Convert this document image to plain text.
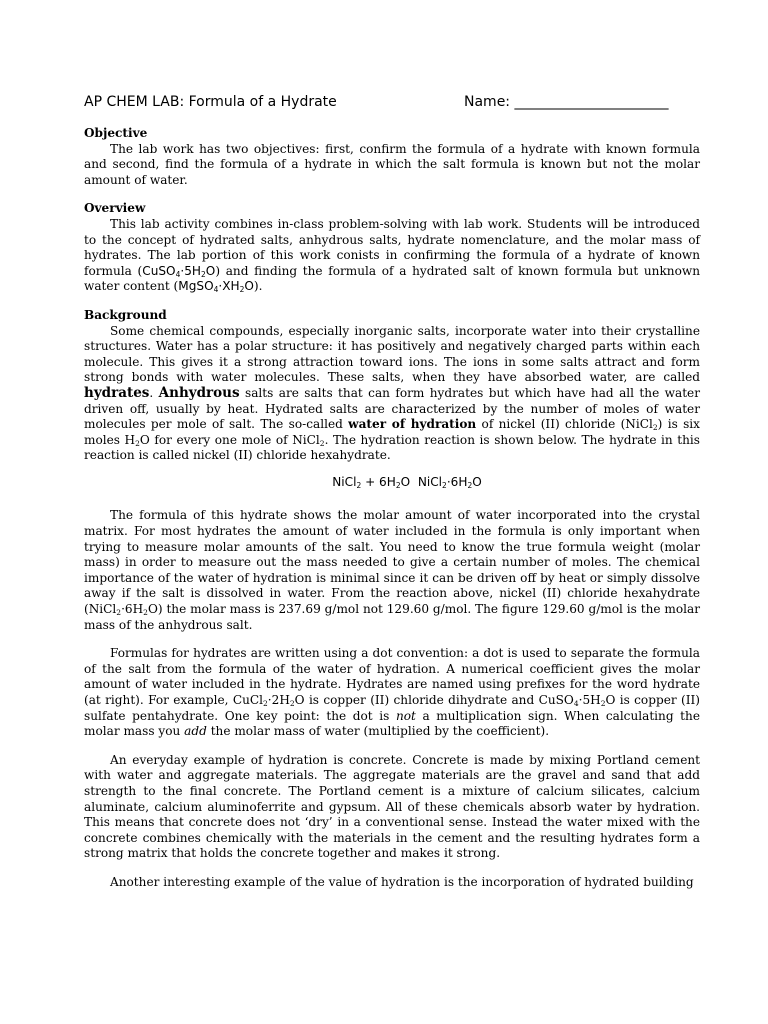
AP CHEM LAB: Formula of a Hydrate	Name: ______________________

Objective

The lab work has two objectives: first, confirm the formula of a hydrate with known formula and second, find the formula of a hydrate in which the salt formula is known but not the molar amount of water.

Overview

This lab activity combines in-class problem-solving with lab work. Students will be introduced to the concept of hydrated salts, anhydrous salts, hydrate nomenclature, and the molar mass of hydrates. The lab portion of this work conists in confirming the formula of a hydrate of known formula $(CuSO_4\cdot 5H_2O)$ and finding the formula of a hydrated salt of known formula but unknown water content $(MgSO_4\cdot XH_2O)$.

Background

Some chemical compounds, especially inorganic salts, incorporate water into their crystalline structures. Water has a polar structure: it has positively and negatively charged parts within each molecule. This gives it a strong attraction toward ions. The ions in some salts attract and form strong bonds with water molecules. These salts, when they have absorbed water, are called hydrates. Anhydrous salts are salts that can form hydrates but which have had all the water driven off, usually by heat. Hydrated salts are characterized by the number of moles of water molecules per mole of salt. The so-called water of hydration of nickel (II) chloride (NiCl$_2$) is six moles $H_2O$ for every one mole of NiCl$_2$. The hydration reaction is shown below. The hydrate in this reaction is called nickel (II) chloride hexahydrate.

NiCl$_2$ + $6H_2O$  $NiCl_2\cdot 6H_2O$

The formula of this hydrate shows the molar amount of water incorporated into the crystal matrix. For most hydrates the amount of water included in the formula is only important when trying to measure molar amounts of the salt. You need to know the true formula weight (molar mass) in order to measure out the mass needed to give a certain number of moles. The chemical importance of the water of hydration is minimal since it can be driven off by heat or simply dissolve away if the salt is dissolved in water. From the reaction above, nickel (II) chloride hexahydrate $(NiCl_2\cdot 6H_2O)$ the molar mass is 237.69 g/mol not 129.60 g/mol. The figure 129.60 g/mol is the molar mass of the anhydrous salt.

Formulas for hydrates are written using a dot convention: a dot is used to separate the formula of the salt from the formula of the water of hydration. A numerical coefficient gives the molar amount of water included in the hydrate. Hydrates are named using prefixes for the word hydrate (at right). For example, $CuCl_2\cdot 2H_2O$ is copper (II) chloride dihydrate and $CuSO_4\cdot 5H_2O$ is copper (II) sulfate pentahydrate. One key point: the dot is not a multiplication sign. When calculating the molar mass you add the molar mass of water (multiplied by the coefficient).

An everyday example of hydration is concrete. Concrete is made by mixing Portland cement with water and aggregate materials. The aggregate materials are the gravel and sand that add strength to the final concrete. The Portland cement is a mixture of calcium silicates, calcium aluminate, calcium aluminoferrite and gypsum. All of these chemicals absorb water by hydration. This means that concrete does not ‘dry’ in a conventional sense. Instead the water mixed with the concrete combines chemically with the materials in the cement and the resulting hydrates form a strong matrix that holds the concrete together and makes it strong.

Another interesting example of the value of hydration is the incorporation of hydrated building
